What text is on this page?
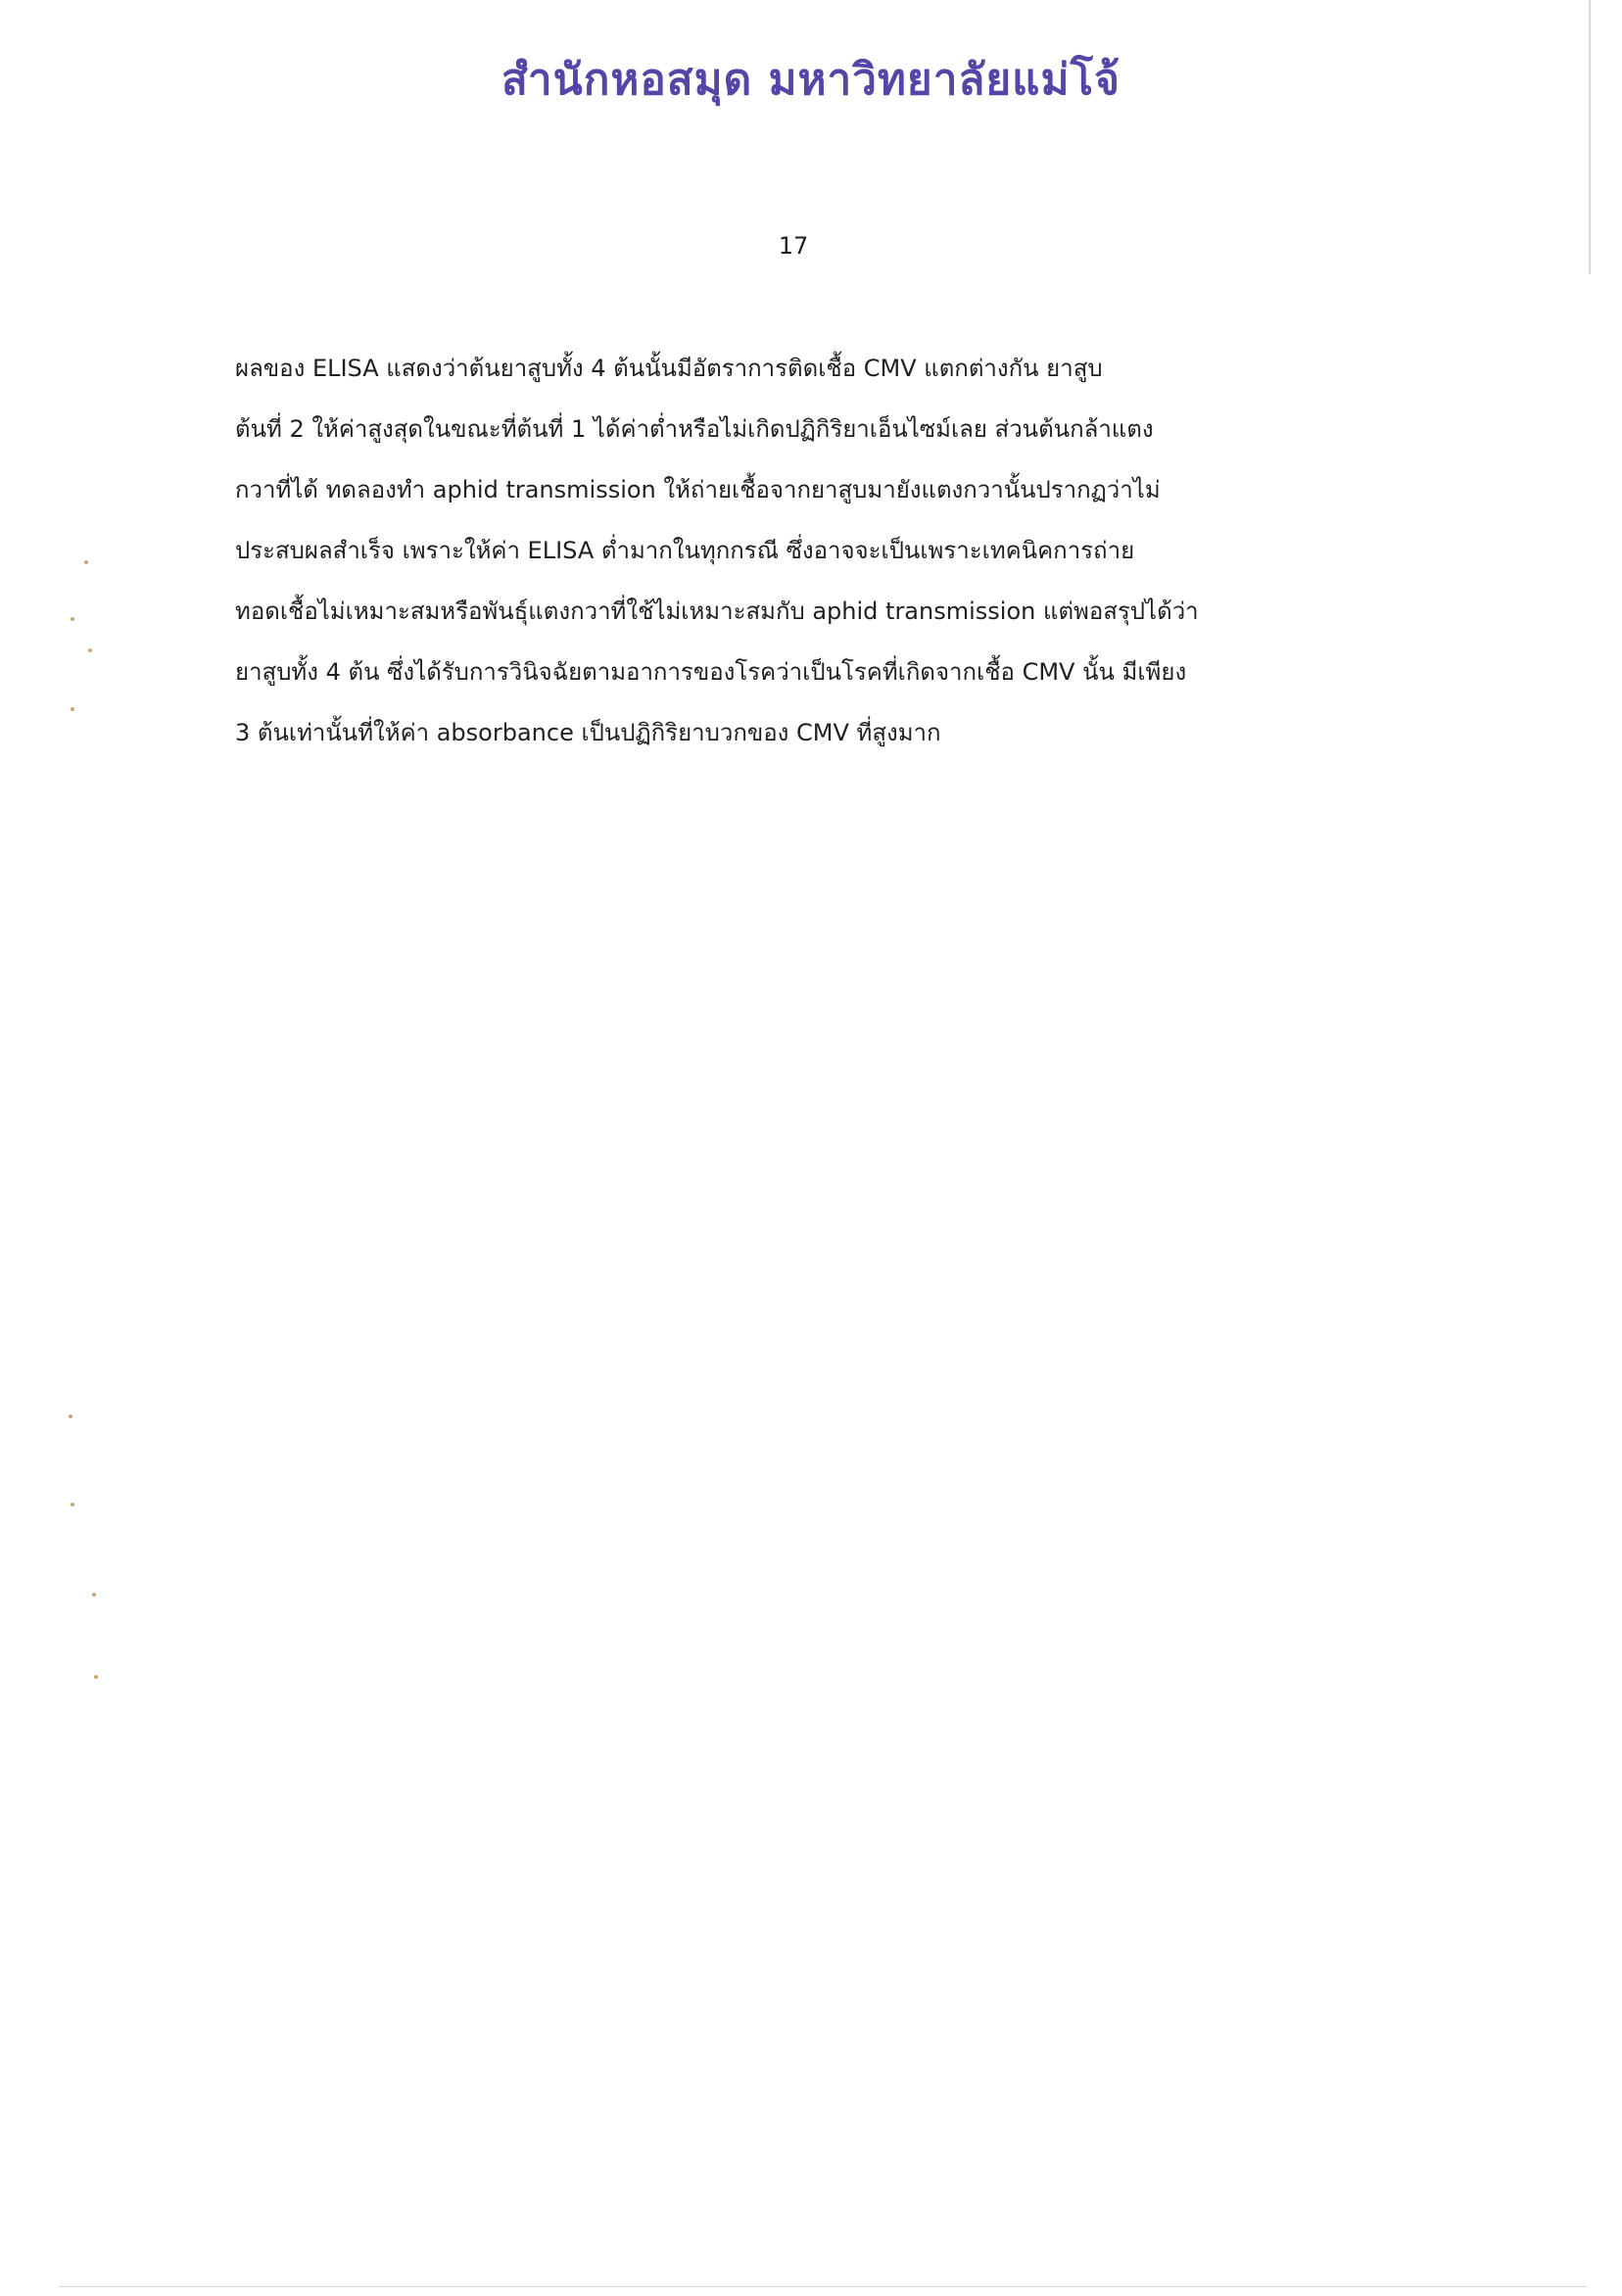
สำนักหอสมุด มหาวิทยาลัยแม่โจ้
17
ผลของ ELISA แสดงว่าต้นยาสูบทั้ง 4 ต้นนั้นมีอัตราการติดเชื้อ CMV แตกต่างกัน ยาสูบ
ต้นที่ 2 ให้ค่าสูงสุดในขณะที่ต้นที่ 1 ได้ค่าต่ำหรือไม่เกิดปฏิกิริยาเอ็นไซม์เลย ส่วนต้นกล้าแตง
กวาที่ได้ ทดลองทำ aphid transmission ให้ถ่ายเชื้อจากยาสูบมายังแตงกวานั้นปรากฏว่าไม่
ประสบผลสำเร็จ เพราะให้ค่า ELISA ต่ำมากในทุกกรณี ซึ่งอาจจะเป็นเพราะเทคนิคการถ่าย
ทอดเชื้อไม่เหมาะสมหรือพันธุ์แตงกวาที่ใช้ไม่เหมาะสมกับ aphid transmission แต่พอสรุปได้ว่า
ยาสูบทั้ง 4 ต้น ซึ่งได้รับการวินิจฉัยตามอาการของโรคว่าเป็นโรคที่เกิดจากเชื้อ CMV นั้น มีเพียง
3 ต้นเท่านั้นที่ให้ค่า absorbance เป็นปฏิกิริยาบวกของ CMV ที่สูงมาก
